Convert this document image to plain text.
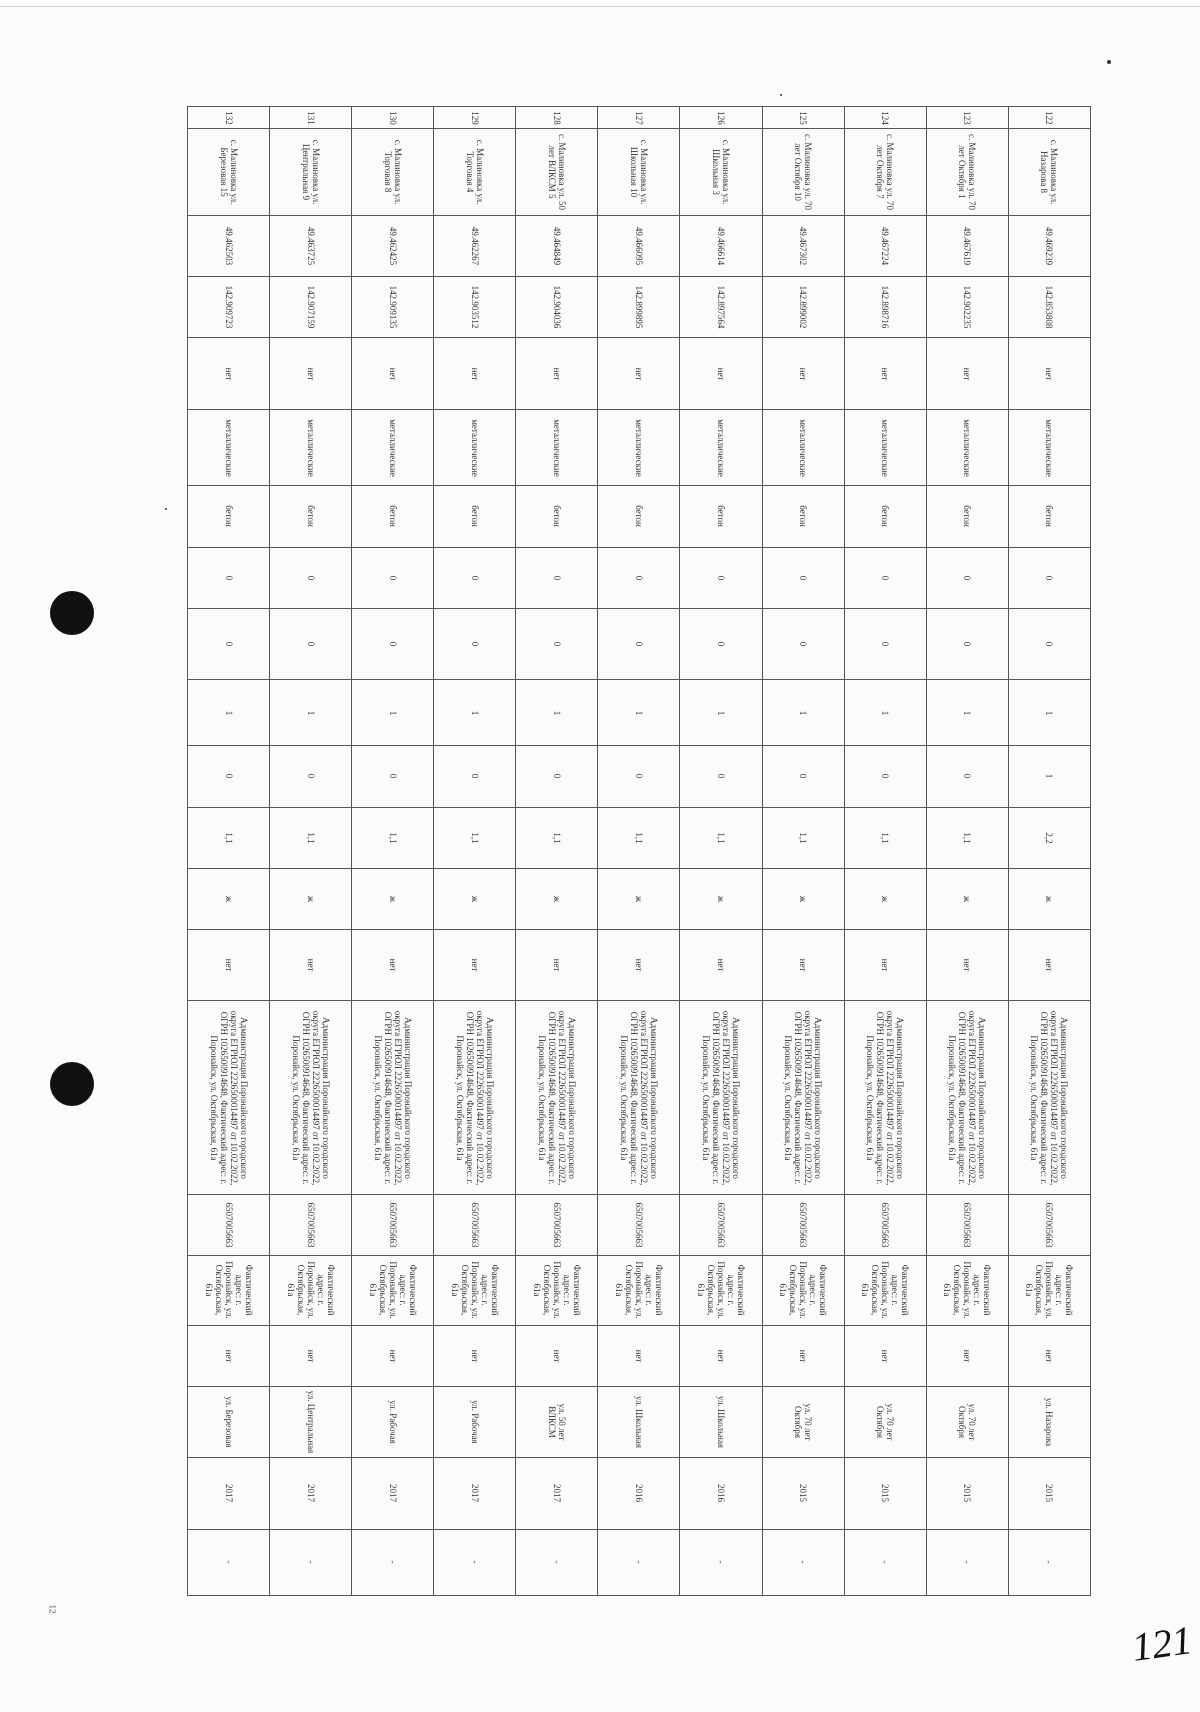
132	131	130	129	128	127	126	125	124	123	122

с. Малиновка ул. Березовая 15	с. Малиновка ул. Центральная 9	с. Малиновка ул. Торговая 8	с. Малиновка ул. Торговая 4	с. Малиновка ул. 50 лет ВЛКСМ 5	с. Малиновка ул. Школьная 10	с. Малиновка ул. Школьная 3	с. Малиновка ул. 70 лет Октября 10	с. Малиновка ул. 70 лет Октября 7	с. Малиновка ул. 70 лет Октября 1	с. Малиновка ул. Назарова 8

49.462503	49.463725	49.462425	49.462267	49.464849	49.466095	49.466614	49.467302	49.467224	49.467619	49.469239

142.909723	142.907159	142.909135	142.903512	142.904036	142.899895	142.897564	142.899002	142.898716	142.902235	142.853808

нет	нет	нет	нет	нет	нет	нет	нет	нет	нет	нет

металлические	металлические	металлические	металлические	металлические	металлические	металлические	металлические	металлические	металлические	металлические

бетон	бетон	бетон	бетон	бетон	бетон	бетон	бетон	бетон	бетон	бетон

0	0	0	0	0	0	0	0	0	0	0

0	0	0	0	0	0	0	0	0	0	0

1	1	1	1	1	1	1	1	1	1	1

0	0	0	0	0	0	0	0	0	0	1

1,1	1,1	1,1	1,1	1,1	1,1	1,1	1,1	1,1	1,1	2,2

ж	ж	ж	ж	ж	ж	ж	ж	ж	ж	ж

нет	нет	нет	нет	нет	нет	нет	нет	нет	нет	нет

Администрация Поронайского городского округа ЕГРЮЛ 2226500014497 от 10.02.2022, ОГРН 1026500914648, Фактический адрес: г. Поронайск, ул. Октябрьская, 61а	Администрация Поронайского городского округа ЕГРЮЛ 2226500014497 от 10.02.2022, ОГРН 1026500914648, Фактический адрес: г. Поронайск, ул. Октябрьская, 61а	Администрация Поронайского городского округа ЕГРЮЛ 2226500014497 от 10.02.2022, ОГРН 1026500914648, Фактический адрес: г. Поронайск, ул. Октябрьская, 61а	Администрация Поронайского городского округа ЕГРЮЛ 2226500014497 от 10.02.2022, ОГРН 1026500914648, Фактический адрес: г. Поронайск, ул. Октябрьская, 61а	Администрация Поронайского городского округа ЕГРЮЛ 2226500014497 от 10.02.2022, ОГРН 1026500914648, Фактический адрес: г. Поронайск, ул. Октябрьская, 61а	Администрация Поронайского городского округа ЕГРЮЛ 2226500014497 от 10.02.2022, ОГРН 1026500914648, Фактический адрес: г. Поронайск, ул. Октябрьская, 61а	Администрация Поронайского городского округа ЕГРЮЛ 2226500014497 от 10.02.2022, ОГРН 1026500914648, Фактический адрес: г. Поронайск, ул. Октябрьская, 61а	Администрация Поронайского городского округа ЕГРЮЛ 2226500014497 от 10.02.2022, ОГРН 1026500914648, Фактический адрес: г. Поронайск, ул. Октябрьская, 61а	Администрация Поронайского городского округа ЕГРЮЛ 2226500014497 от 10.02.2022, ОГРН 1026500914648, Фактический адрес: г. Поронайск, ул. Октябрьская, 61а	Администрация Поронайского городского округа ЕГРЮЛ 2226500014497 от 10.02.2022, ОГРН 1026500914648, Фактический адрес: г. Поронайск, ул. Октябрьская, 61а	Администрация Поронайского городского округа ЕГРЮЛ 2226500014497 от 10.02.2022, ОГРН 1026500914648, Фактический адрес: г. Поронайск, ул. Октябрьская, 61а

6507005663	6507005663	6507005663	6507005663	6507005663	6507005663	6507005663	6507005663	6507005663	6507005663	6507005663

Фактический адрес: г. Поронайск, ул. Октябрьская, 61а	Фактический адрес: г. Поронайск, ул. Октябрьская, 61а	Фактический адрес: г. Поронайск, ул. Октябрьская, 61а	Фактический адрес: г. Поронайск, ул. Октябрьская, 61а	Фактический адрес: г. Поронайск, ул. Октябрьская, 61а	Фактический адрес: г. Поронайск, ул. Октябрьская, 61а	Фактический адрес: г. Поронайск, ул. Октябрьская, 61а	Фактический адрес: г. Поронайск, ул. Октябрьская, 61а	Фактический адрес: г. Поронайск, ул. Октябрьская, 61а	Фактический адрес: г. Поронайск, ул. Октябрьская, 61а	Фактический адрес: г. Поронайск, ул. Октябрьская, 61а

нет	нет	нет	нет	нет	нет	нет	нет	нет	нет	нет

ул. Березовая	ул. Центральная	ул. Рабочая	ул. Рабочая	ул. 50 лет ВЛКСМ	ул. Школьная	ул. Школьная	ул. 70 лет Октября	ул. 70 лет Октября	ул. 70 лет Октября	ул. Назарова

2017	2017	2017	2017	2017	2016	2016	2015	2015	2015	2015

-	-	-	-	-	-	-	-	-	-	-
121
12
